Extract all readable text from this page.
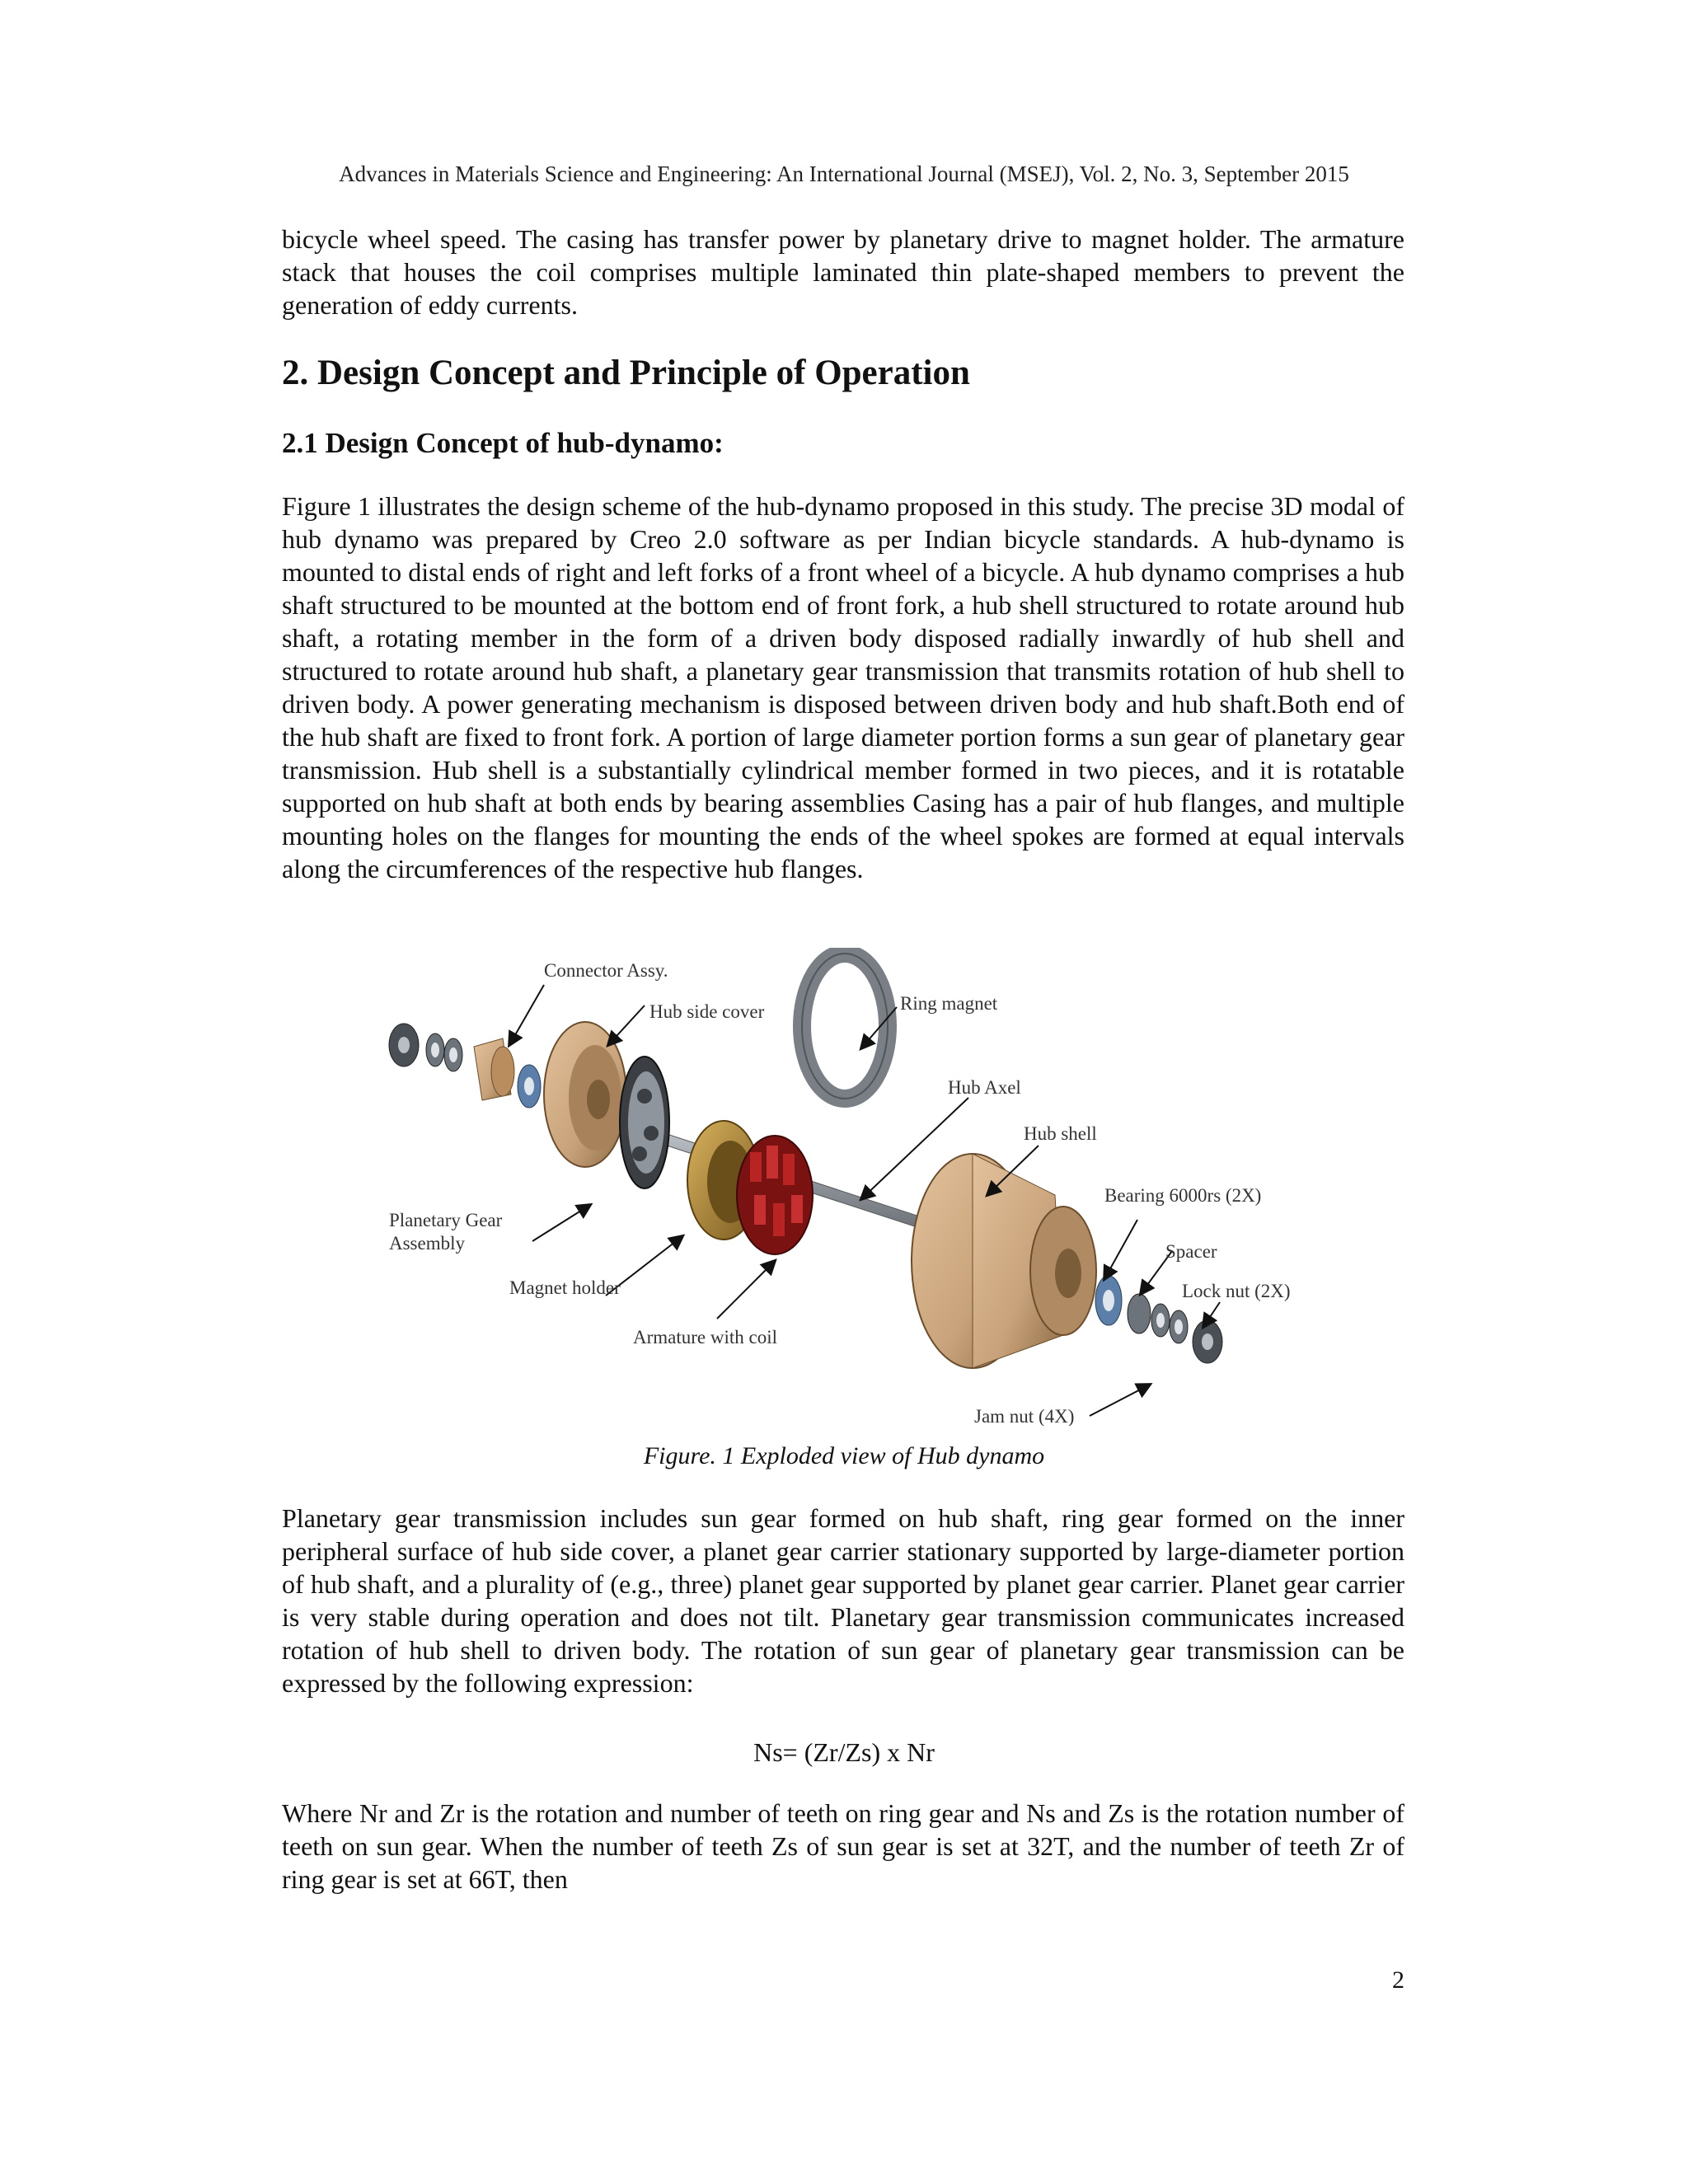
Advances in Materials Science and Engineering: An International Journal (MSEJ), Vol. 2, No. 3, September 2015

bicycle wheel speed. The casing has transfer power by planetary drive to magnet holder. The armature stack that houses the coil comprises multiple laminated thin plate-shaped members to prevent the generation of eddy currents.

2. Design Concept and Principle of Operation
2.1 Design Concept of hub-dynamo:

Figure 1 illustrates the design scheme of the hub-dynamo proposed in this study. The precise 3D modal of hub dynamo was prepared by Creo 2.0 software as per Indian bicycle standards. A hub-dynamo is mounted to distal ends of right and left forks of a front wheel of a bicycle. A hub dynamo comprises a hub shaft structured to be mounted at the bottom end of front fork, a hub shell structured to rotate around hub shaft, a rotating member in the form of a driven body disposed radially inwardly of hub shell and structured to rotate around hub shaft, a planetary gear transmission that transmits rotation of hub shell to driven body. A power generating mechanism is disposed between driven body and hub shaft.Both end of the hub shaft are fixed to front fork. A portion of large diameter portion forms a sun gear of planetary gear transmission. Hub shell is a substantially cylindrical member formed in two pieces, and it is rotatable supported on hub shaft at both ends by bearing assemblies Casing has a pair of hub flanges, and multiple mounting holes on the flanges for mounting the ends of the wheel spokes are formed at equal intervals along the circumferences of the respective hub flanges.

Connector Assy.
Hub side cover	Ring magnet
Hub Axel
Hub shell
Bearing 6000rs (2X)
Planetary Gear
Assembly	Spacer
Lock nut (2X)
Magnet holder
Armature with coil
Jam nut (4X)
Figure. 1 Exploded view of Hub dynamo

Planetary gear transmission includes sun gear formed on hub shaft, ring gear formed on the inner peripheral surface of hub side cover, a planet gear carrier stationary supported by large-diameter portion of hub shaft, and a plurality of (e.g., three) planet gear supported by planet gear carrier. Planet gear carrier is very stable during operation and does not tilt. Planetary gear transmission communicates increased rotation of hub shell to driven body. The rotation of sun gear of planetary gear transmission can be expressed by the following expression:

Ns= (Zr/Zs) x Nr

Where Nr and Zr is the rotation and number of teeth on ring gear and Ns and Zs is the rotation number of teeth on sun gear. When the number of teeth Zs of sun gear is set at 32T, and the number of teeth Zr of ring gear is set at 66T, then

2
